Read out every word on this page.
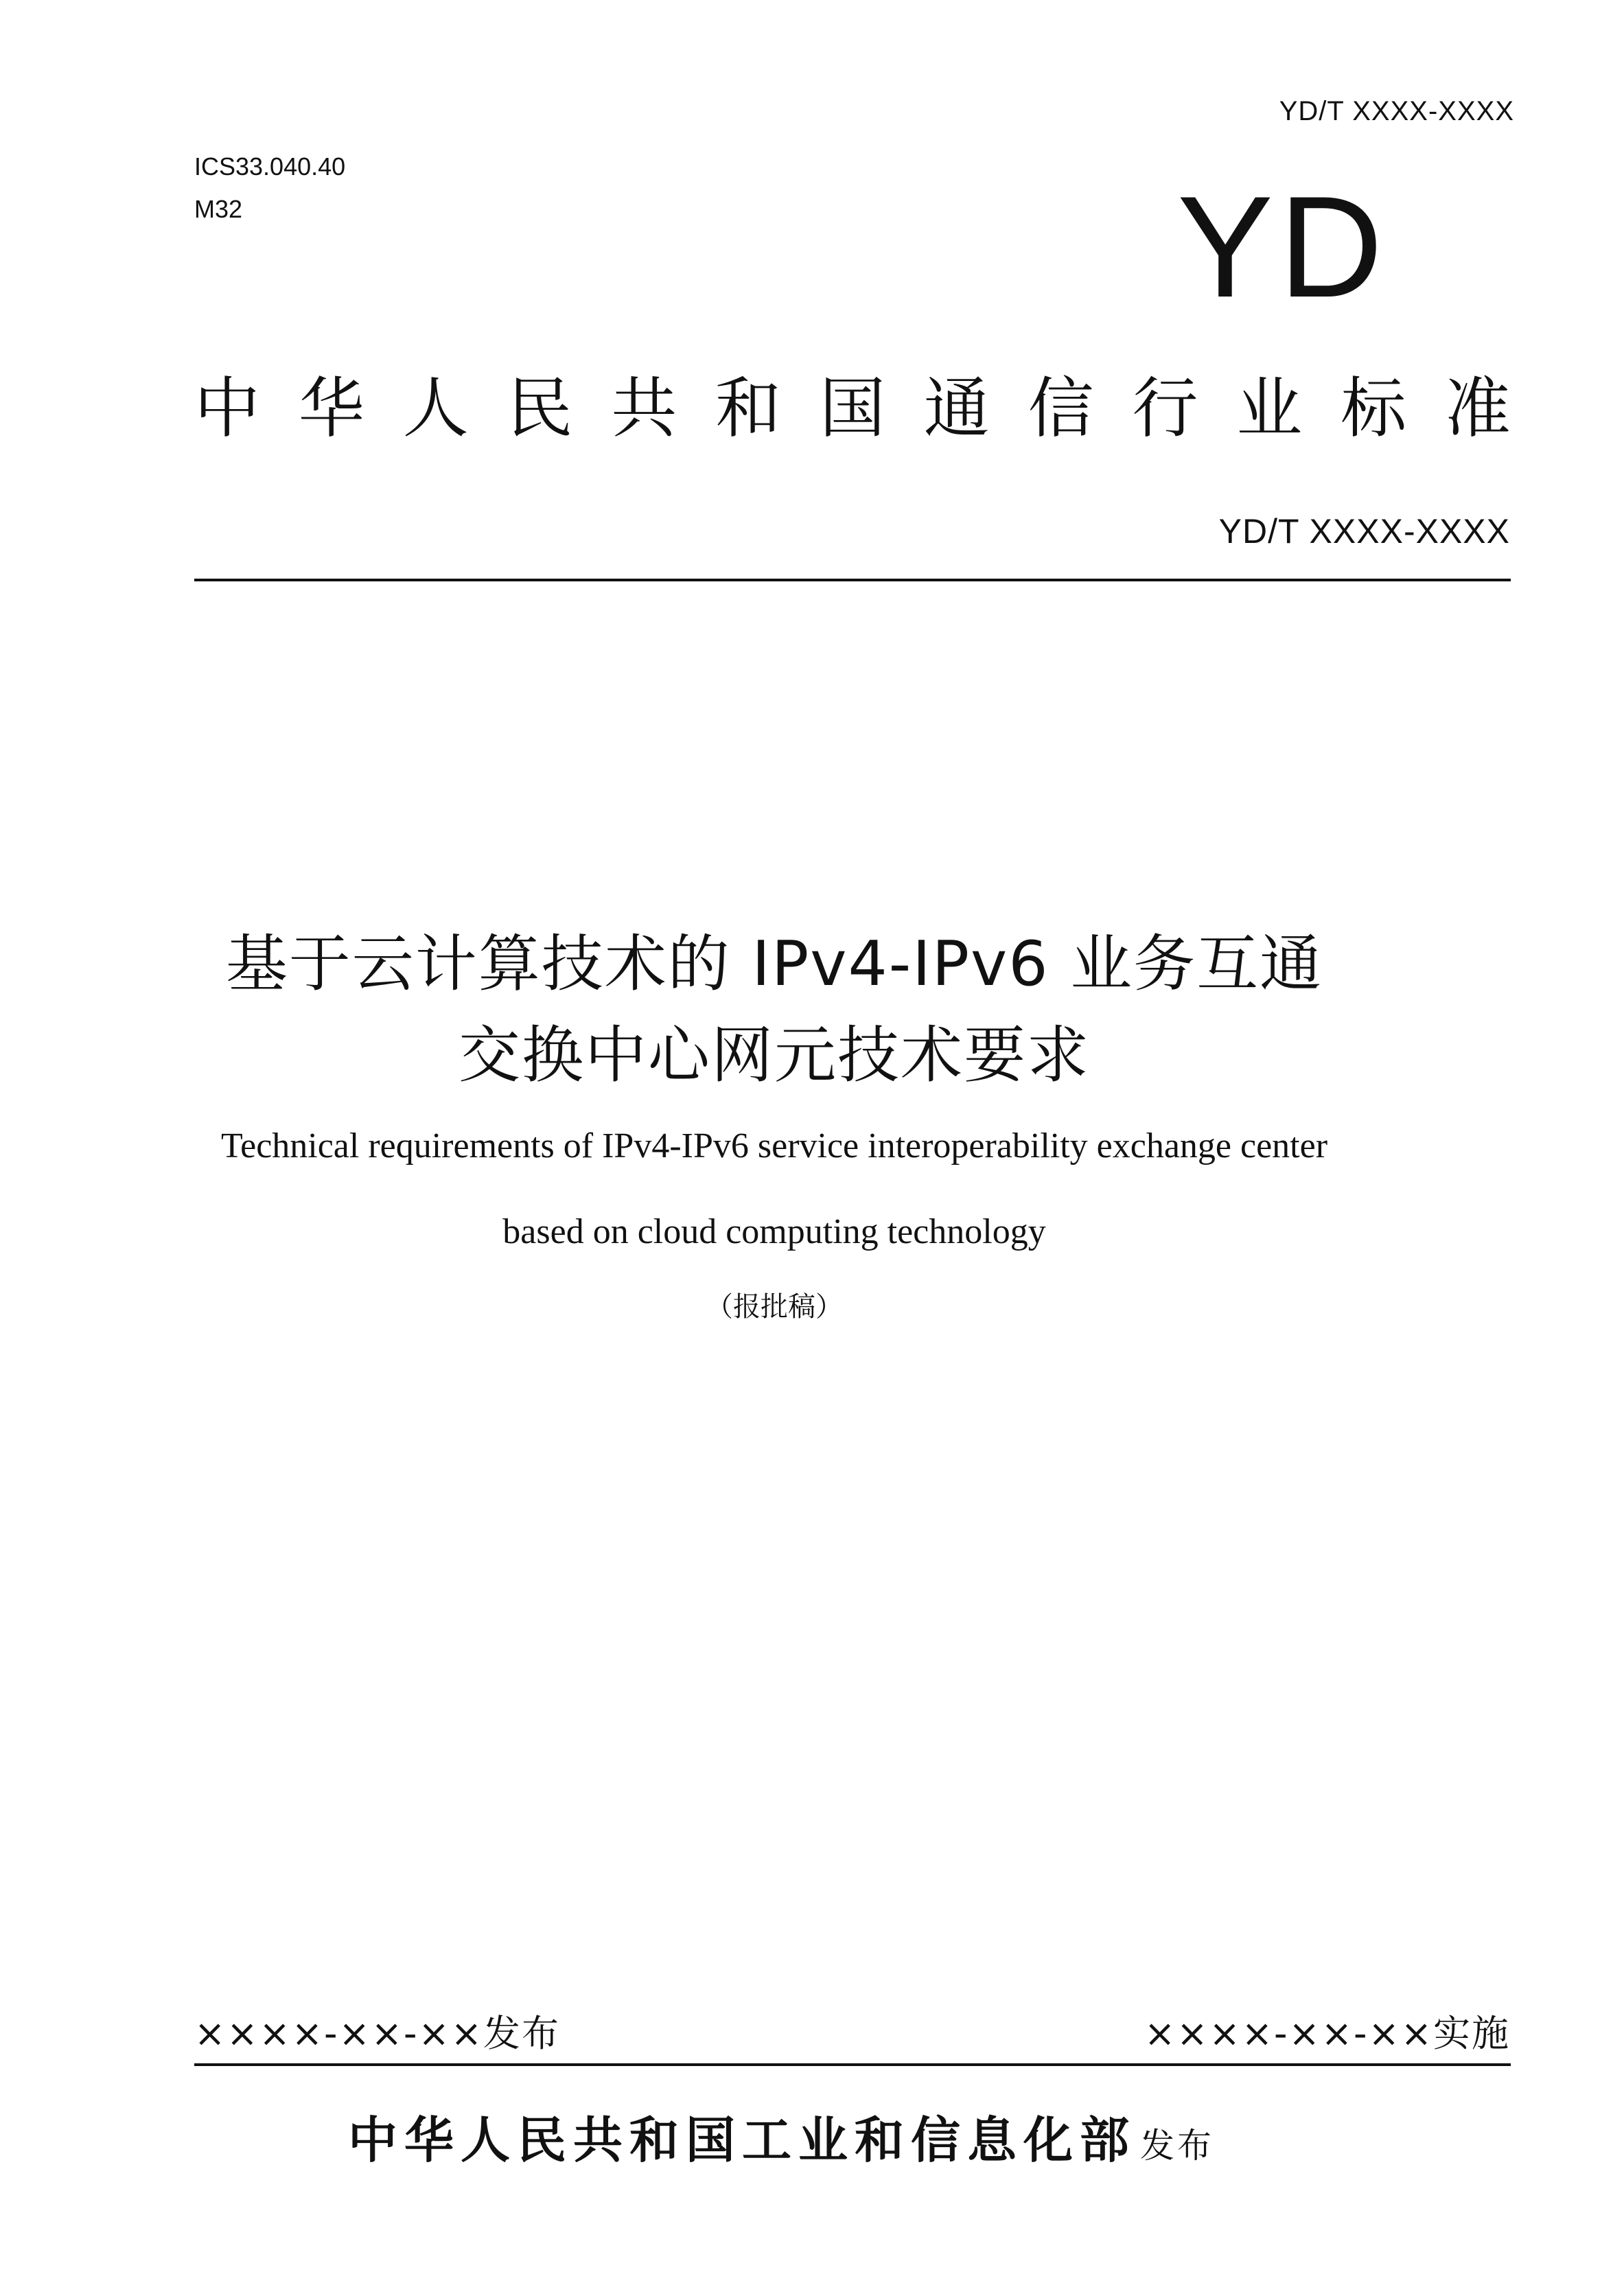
YD/T XXXX-XXXX
ICS33.040.40
M32	YD
中 华 人 民 共 和 国 通 信 行 业 标 准
YD/T XXXX-XXXX
基于云计算技术的 IPv4-IPv6 业务互通
交换中心网元技术要求
Technical requirements of IPv4-IPv6 service interoperability exchange center
based on cloud computing technology
（报批稿）
××××-××-××发布	××××-××-××实施
中华人民共和国工业和信息化部 发布
